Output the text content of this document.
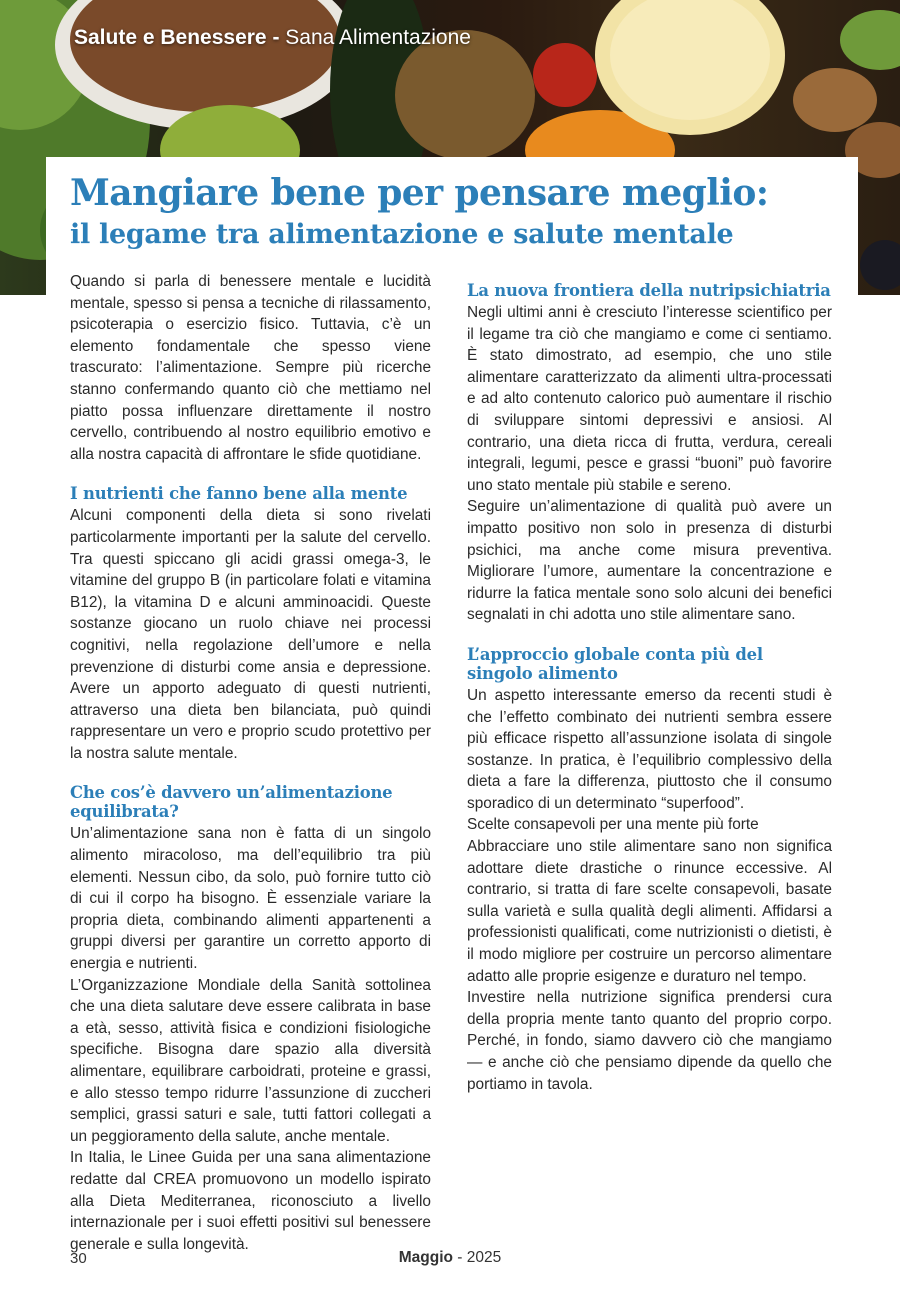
Salute e Benessere - Sana Alimentazione
Mangiare bene per pensare meglio:
il legame tra alimentazione e salute mentale

Quando si parla di benessere mentale e lucidità mentale, spesso si pensa a tecniche di rilassamento, psicoterapia o esercizio fisico. Tuttavia, c’è un elemento fondamentale che spesso viene trascurato: l’alimentazione. Sempre più ricerche stanno confermando quanto ciò che mettiamo nel piatto possa influenzare direttamente il nostro cervello, contribuendo al nostro equilibrio emotivo e alla nostra capacità di affrontare le sfide quotidiane.

I nutrienti che fanno bene alla mente

Alcuni componenti della dieta si sono rivelati particolarmente importanti per la salute del cervello. Tra questi spiccano gli acidi grassi omega-3, le vitamine del gruppo B (in particolare folati e vitamina B12), la vitamina D e alcuni amminoacidi. Queste sostanze giocano un ruolo chiave nei processi cognitivi, nella regolazione dell’umore e nella prevenzione di disturbi come ansia e depressione. Avere un apporto adeguato di questi nutrienti, attraverso una dieta ben bilanciata, può quindi rappresentare un vero e proprio scudo protettivo per la nostra salute mentale.

Che cos’è davvero un’alimentazione equilibrata?

Un’alimentazione sana non è fatta di un singolo alimento miracoloso, ma dell’equilibrio tra più elementi. Nessun cibo, da solo, può fornire tutto ciò di cui il corpo ha bisogno. È essenziale variare la propria dieta, combinando alimenti appartenenti a gruppi diversi per garantire un corretto apporto di energia e nutrienti.

L’Organizzazione Mondiale della Sanità sottolinea che una dieta salutare deve essere calibrata in base a età, sesso, attività fisica e condizioni fisiologiche specifiche. Bisogna dare spazio alla diversità alimentare, equilibrare carboidrati, proteine e grassi, e allo stesso tempo ridurre l’assunzione di zuccheri semplici, grassi saturi e sale, tutti fattori collegati a un peggioramento della salute, anche mentale.

In Italia, le Linee Guida per una sana alimentazione redatte dal CREA promuovono un modello ispirato alla Dieta Mediterranea, riconosciuto a livello internazionale per i suoi effetti positivi sul benessere generale e sulla longevità.

La nuova frontiera della nutripsichiatria

Negli ultimi anni è cresciuto l’interesse scientifico per il legame tra ciò che mangiamo e come ci sentiamo. È stato dimostrato, ad esempio, che uno stile alimentare caratterizzato da alimenti ultra-processati e ad alto contenuto calorico può aumentare il rischio di sviluppare sintomi depressivi e ansiosi. Al contrario, una dieta ricca di frutta, verdura, cereali integrali, legumi, pesce e grassi “buoni” può favorire uno stato mentale più stabile e sereno.

Seguire un’alimentazione di qualità può avere un impatto positivo non solo in presenza di disturbi psichici, ma anche come misura preventiva. Migliorare l’umore, aumentare la concentrazione e ridurre la fatica mentale sono solo alcuni dei benefici segnalati in chi adotta uno stile alimentare sano.

L’approccio globale conta più del singolo alimento

Un aspetto interessante emerso da recenti studi è che l’effetto combinato dei nutrienti sembra essere più efficace rispetto all’assunzione isolata di singole sostanze. In pratica, è l’equilibrio complessivo della dieta a fare la differenza, piuttosto che il consumo sporadico di un determinato “superfood”.

Scelte consapevoli per una mente più forte

Abbracciare uno stile alimentare sano non significa adottare diete drastiche o rinunce eccessive. Al contrario, si tratta di fare scelte consapevoli, basate sulla varietà e sulla qualità degli alimenti. Affidarsi a professionisti qualificati, come nutrizionisti o dietisti, è il modo migliore per costruire un percorso alimentare adatto alle proprie esigenze e duraturo nel tempo.

Investire nella nutrizione significa prendersi cura della propria mente tanto quanto del proprio corpo. Perché, in fondo, siamo davvero ciò che mangiamo — e anche ciò che pensiamo dipende da quello che portiamo in tavola.

30	Maggio - 2025
